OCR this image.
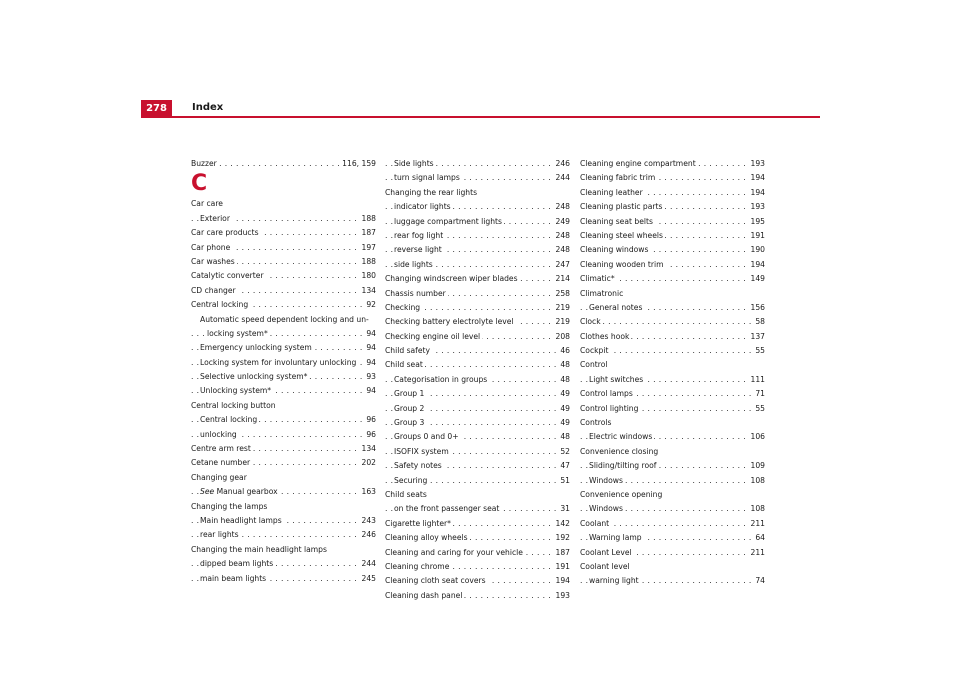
278	Index
Buzzer	116, 159
. . .
C
Car care
Exterior	188
. . .
Car care products	187
. . .
Car phone	197
. . .
Car washes	188
. . .
Catalytic converter	180
. . .
CD changer	134
. . .
Central locking	92
. . .
Automatic speed dependent locking and un-
locking system*	94
. . .
Emergency unlocking system	94
. . .
Locking system for involuntary unlocking 94
. . .
Selective unlocking system*	93
. . .
Unlocking system*	94
. . .
Central locking button
Central locking	96
. . .
unlocking	96
. . .
Centre arm rest	134
. . .
Cetane number	202
. . .
Changing gear
See Manual gearbox	163
. . .
Changing the lamps
Main headlight lamps	243
. . .
rear lights	246
. . .
Changing the main headlight lamps
dipped beam lights	244
. . .
main beam lights	245
. . .
Side lights	246
. . .
turn signal lamps	244
. . .
Changing the rear lights
indicator lights	248
. . .
luggage compartment lights	249
. . .
rear fog light	248
. . .
reverse light	248
. . .
side lights	247
. . .
Changing windscreen wiper blades	214
. . .
Chassis number	258
. . .
Checking	219
. . .
Checking battery electrolyte level	219
. . .
Checking engine oil level	208
. . .
Child safety	46
. . .
Child seat	48
. . .
Categorisation in groups	48
. . .
Group 1	49
. . .
Group 2	49
. . .
Group 3	49
. . .
Groups 0 and 0+	48
. . .
ISOFIX system	52
. . .
Safety notes	47
. . .
Securing	51
. . .
Child seats
on the front passenger seat	31
. . .
Cigarette lighter*	142
. . .
Cleaning alloy wheels	192
. . .
Cleaning and caring for your vehicle	187
. . .
Cleaning chrome	191
. . .
Cleaning cloth seat covers	194
. . .
Cleaning dash panel	193
. . .
Cleaning engine compartment	193
. . .
Cleaning fabric trim	194
. . .
Cleaning leather	194
. . .
Cleaning plastic parts	193
. . .
Cleaning seat belts	195
. . .
Cleaning steel wheels	191
. . .
Cleaning windows	190
. . .
Cleaning wooden trim	194
. . .
Climatic*	149
. . .
Climatronic
General notes	156
. . .
Clock	58
. . .
Clothes hook	137
. . .
Cockpit	55
. . .
Control
Light switches	111
. . .
Control lamps	71
. . .
Control lighting	55
. . .
Controls
Electric windows	106
. . .
Convenience closing
Sliding/tilting roof	109
. . .
Windows	108
. . .
Convenience opening
Windows	108
. . .
Coolant	211
. . .
Warning lamp	64
. . .
Coolant Level	211
. . .
Coolant level
warning light	74
. . .
